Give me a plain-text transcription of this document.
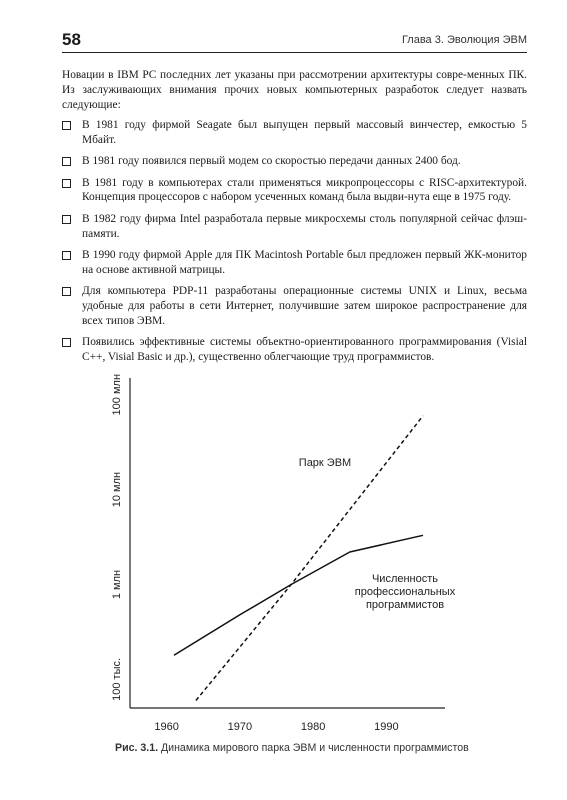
58	Глава 3. Эволюция ЭВМ
Новации в IBM PC последних лет указаны при рассмотрении архитектуры совре-менных ПК. Из заслуживающих внимания прочих новых компьютерных разработок следует назвать следующие:
В 1981 году фирмой Seagate был выпущен первый массовый винчестер, емкостью 5 Мбайт.
В 1981 году появился первый модем со скоростью передачи данных 2400 бод.
В 1981 году в компьютерах стали применяться микропроцессоры с RISC-архитектурой. Концепция процессоров с набором усеченных команд была выдви-нута еще в 1975 году.
В 1982 году фирма Intel разработала первые микросхемы столь популярной сейчас флэш-памяти.
В 1990 году фирмой Apple для ПК Macintosh Portable был предложен первый ЖК-монитор на основе активной матрицы.
Для компьютера PDP-11 разработаны операционные системы UNIX и Linux, весьма удобные для работы в сети Интернет, получившие затем широкое распространение для всех типов ЭВМ.
Появились эффективные системы объектно-ориентированного программирования (Visial C++, Visial Basic и др.), существенно облегчающие труд программистов.
1960	1970	1980	1990
100 тыс.
1 млн
10 млн
100 млн
Парк ЭВМ
Численность
профессиональных
программистов
Рис. 3.1. Динамика мирового парка ЭВМ и численности программистов
